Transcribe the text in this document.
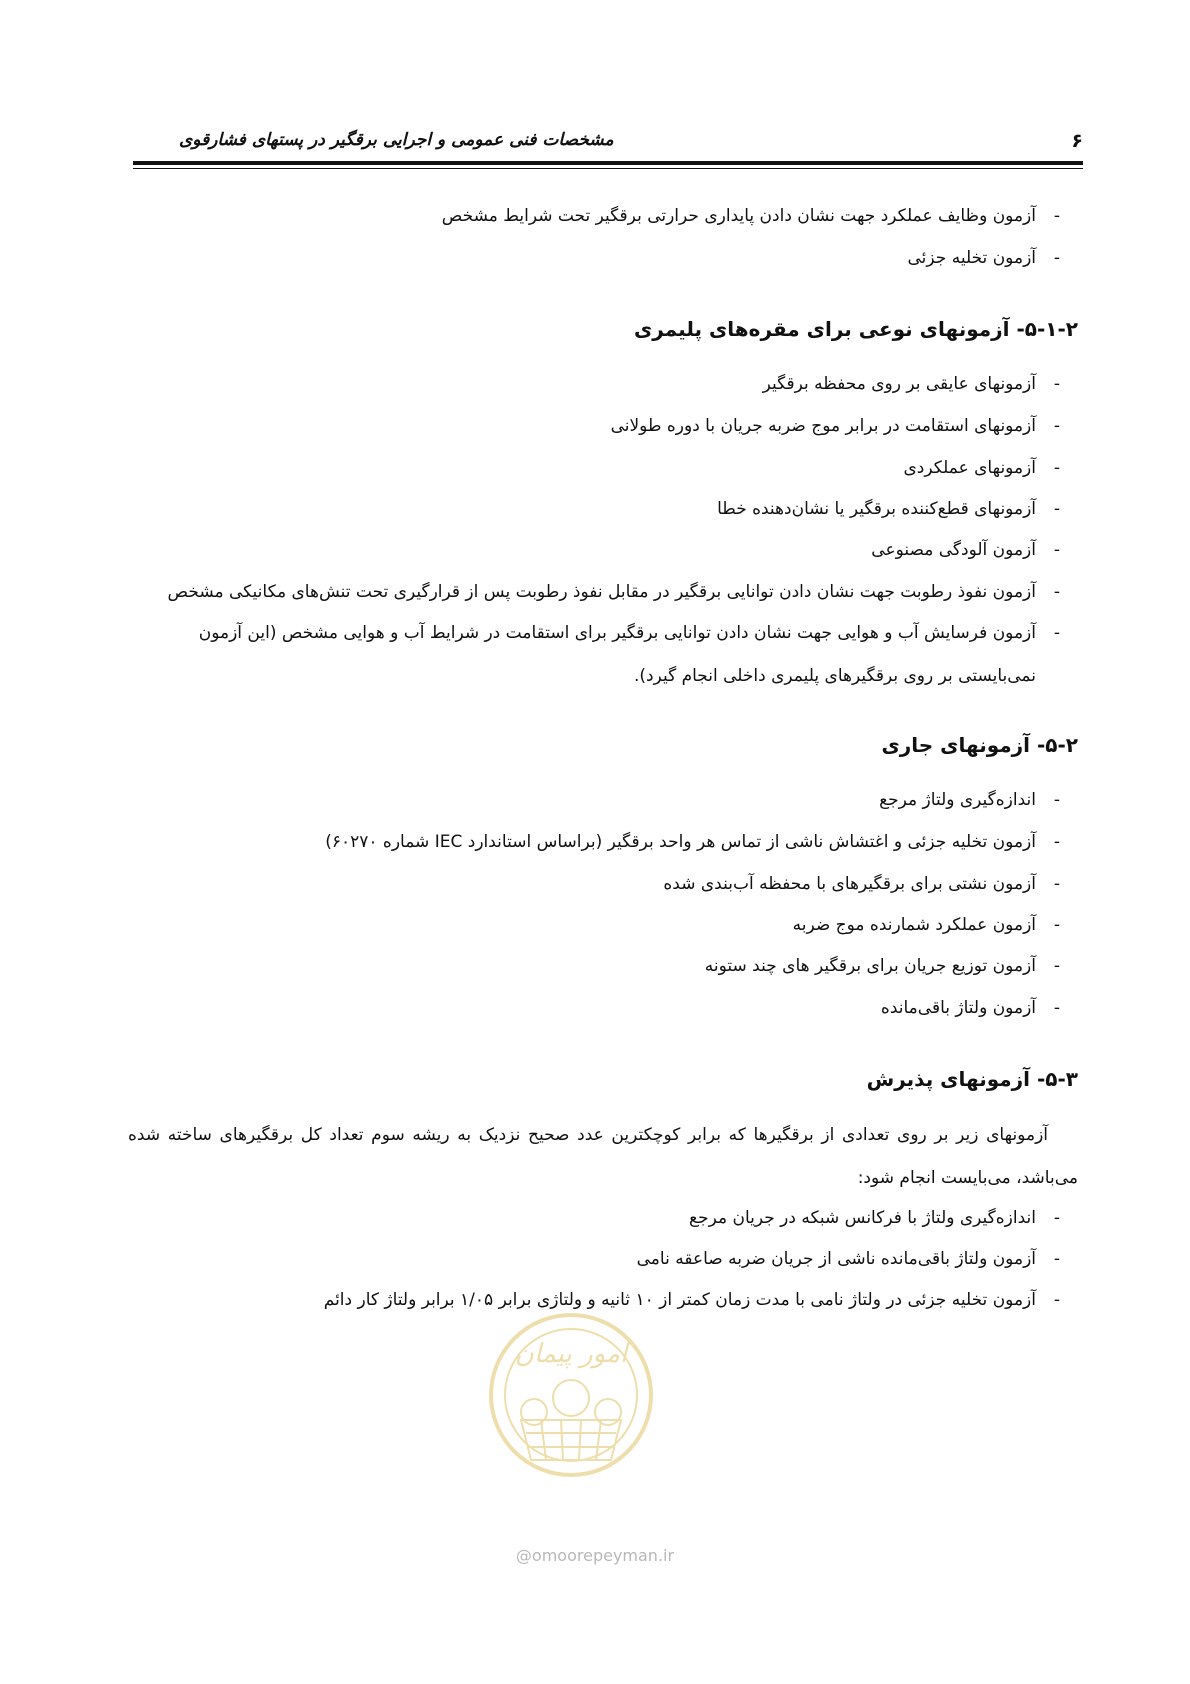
۶
مشخصات فنی عمومی و اجرایی برقگیر در پستهای فشارقوی
-آزمون وظایف عملکرد جهت نشان دادن پایداری حرارتی برقگیر تحت شرایط مشخص
-آزمون تخلیه جزئی
۵-۱-۲- آزمونهای نوعی برای مقره‌های پلیمری
-آزمونهای عایقی بر روی محفظه برقگیر
-آزمونهای استقامت در برابر موج ضربه جریان با دوره طولانی
-آزمونهای عملکردی
-آزمونهای قطع‌کننده برقگیر یا نشان‌دهنده خطا
-آزمون آلودگی مصنوعی
-آزمون نفوذ رطوبت جهت نشان دادن توانایی برقگیر در مقابل نفوذ رطوبت پس از قرارگیری تحت تنش‌های مکانیکی مشخص
-آزمون فرسایش آب و هوایی جهت نشان دادن توانایی برقگیر برای استقامت در شرایط آب و هوایی مشخص (این آزمون
نمی‌بایستی بر روی برقگیرهای پلیمری داخلی انجام گیرد).
۵-۲- آزمونهای جاری
-اندازه‌گیری ولتاژ مرجع
-آزمون تخلیه جزئی و اغتشاش ناشی از تماس هر واحد برقگیر (براساس استاندارد IEC شماره ۶۰۲۷۰)
-آزمون نشتی برای برقگیرهای با محفظه آب‌بندی شده
-آزمون عملکرد شمارنده موج ضربه
-آزمون توزیع جریان برای برقگیر های چند ستونه
-آزمون ولتاژ باقی‌مانده
۵-۳- آزمونهای پذیرش
آزمونهای زیر بر روی تعدادی از برقگیرها که برابر کوچکترین عدد صحیح نزدیک به ریشه سوم تعداد کل برقگیرهای ساخته شده می‌باشد، می‌بایست انجام شود:
-اندازه‌گیری ولتاژ با فرکانس شبکه در جریان مرجع
-آزمون ولتاژ باقی‌مانده ناشی از جریان ضربه صاعقه نامی
-آزمون تخلیه جزئی در ولتاژ نامی با مدت زمان کمتر از ۱۰ ثانیه و ولتاژی برابر ۱/۰۵ برابر ولتاژ کار دائم
امور پیمان
@omoorepeyman.ir
